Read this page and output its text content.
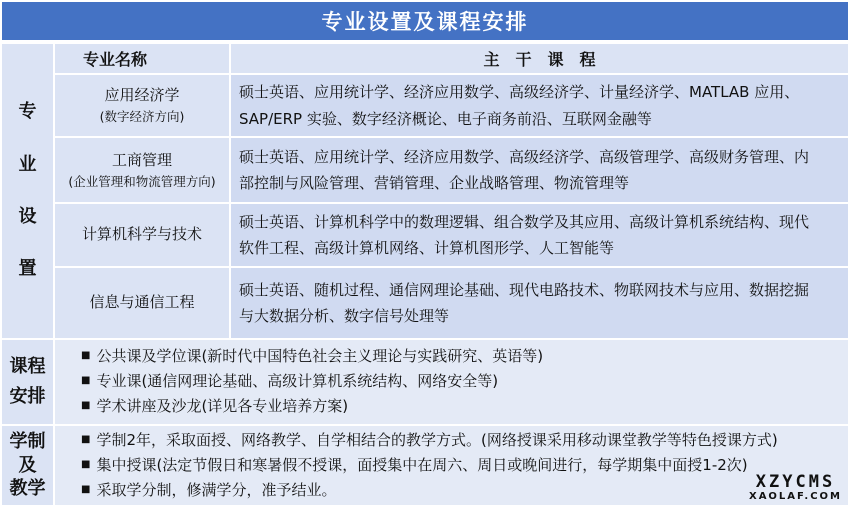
专业设置及课程安排
专
业
设
置
专业名称	主　干　课　程
应用经济学
(数字经济方向)
硕士英语、应用统计学、经济应用数学、高级经济学、计量经济学、MATLAB 应用、
SAP/ERP 实验、数字经济概论、电子商务前沿、互联网金融等
工商管理
(企业管理和物流管理方向)
硕士英语、应用统计学、经济应用数学、高级经济学、高级管理学、高级财务管理、内
部控制与风险管理、营销管理、企业战略管理、物流管理等
计算机科学与技术
硕士英语、计算机科学中的数理逻辑、组合数学及其应用、高级计算机系统结构、现代
软件工程、高级计算机网络、计算机图形学、人工智能等
信息与通信工程
硕士英语、随机过程、通信网理论基础、现代电路技术、物联网技术与应用、数据挖掘
与大数据分析、数字信号处理等
课程
安排
■ 公共课及学位课(新时代中国特色社会主义理论与实践研究、英语等)
■ 专业课(通信网理论基础、高级计算机系统结构、网络安全等)
■ 学术讲座及沙龙(详见各专业培养方案)
学制
及
教学
■ 学制2年，采取面授、网络教学、自学相结合的教学方式。(网络授课采用移动课堂教学等特色授课方式)
■ 集中授课(法定节假日和寒暑假不授课，面授集中在周六、周日或晚间进行，每学期集中面授1-2次)
■ 采取学分制，修满学分，准予结业。	XZYCMS
XAOLAF.COM
